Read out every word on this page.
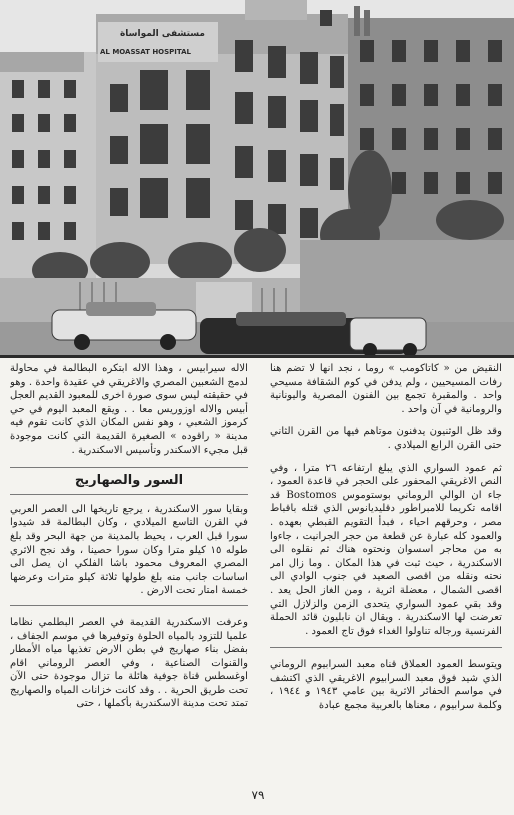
مستشفى المواساة
AL MOASSAT HOSPITAL

النقيض من « كاتاكومب » روما ، نجد انها لا تضم هنا رفات المسيحيين ، ولم يدفن في كوم الشقافة مسيحي واحد . والمقبرة تجمع بين الفنون المصرية واليونانية والرومانية في آن واحد .

وقد ظل الوثنيون يدفنون موتاهم فيها من القرن الثاني حتى القرن الرابع الميلادي .

ثم عمود السواري الذي يبلغ ارتفاعه ٢٦ مترا ، وفي النص الاغريقي المحفور على الحجر في قاعدة العمود ، جاء ان الوالي الروماني بوستوموس Bostomos قد اقامه تكريما للامبراطور دقليديانوس الذي قتله باقباط مصر ، وحرقهم احياء ، فبدأ التقويم القبطي بعهده . والعمود كله عبارة عن قطعة من حجر الجرانيت ، جاءوا به من محاجر اسسوان ونحتوه هناك ثم نقلوه الى الاسكندرية ، حيث ثبت في هذا المكان . وما زال امر نحته ونقله من اقصى الصعيد في جنوب الوادي الى اقصى الشمال ، معضلة اثرية ، ومن الغاز الحل يعد . وقد بقي عمود السواري يتحدى الزمن والزلازل التي تعرضت لها الاسكندرية . ويقال ان نابليون قائد الحملة الفرنسية ورجاله تناولوا الغداء فوق تاج العمود .

ويتوسط العمود العملاق قناه معبد السرابيوم الروماني الذي شيد فوق معبد السرابيوم الاغريقي الذي اكتشف في مواسم الحفائر الاثرية بين عامي ١٩٤٣ و ١٩٤٤ ، وكلمة سرابيوم ، معناها بالعربية مجمع عبادة

الاله سيرابيس ، وهذا الاله ابتكره البطالمة في محاولة لدمج الشعبين المصري والاغريقي في عقيدة واحدة . وهو في حقيقته ليس سوى صورة اخرى للمعبود القديم العجل أبيس والاله اوزوريس معا . . ويقع المعبد اليوم في حي كرموز الشعبي ، وهو نفس المكان الذي كانت تقوم فيه مدينة « راقوده » الصغيرة القديمة التي كانت موجودة قبل مجيء الاسكندر وتأسيس الاسكندرية .

السور والصهاريج

وبقايا سور الاسكندرية ، يرجع تاريخها الى العصر العربي في القرن التاسع الميلادي ، وكان البطالمة قد شيدوا سورا قبل العرب ، يحيط بالمدينة من جهة البحر وقد بلغ طوله ١٥ كيلو مترا وكان سورا حصينا ، وقد نجح الاثري المصري المعروف محمود باشا الفلكي ان يصل الى اساسات جانب منه بلغ طولها ثلاثة كيلو مترات وعرضها خمسة امتار تحت الارض .

وعرفت الاسكندرية القديمة في العصر البطلمي نظاما علميا للتزود بالمياه الحلوة وتوفيرها في موسم الجفاف ، بفضل بناء صهاريج في بطن الارض تغذيها مياه الأمطار والقنوات الصناعية ، وفي العصر الروماني اقام اوغسطس قناة جوفية هائلة ما تزال موجودة حتى الآن تحت طريق الحرية . . وقد كانت خزانات المياه والصهاريج تمتد تحت مدينة الاسكندرية بأكملها ، حتى

٧٩
